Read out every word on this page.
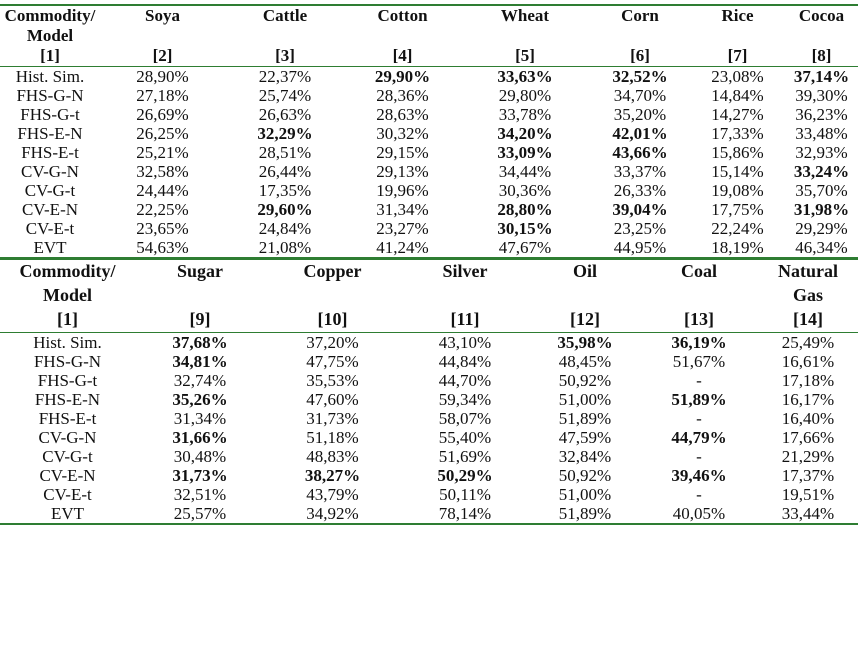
Commodity/	Soya	Cattle	Cotton	Wheat	Corn	Rice	Cocoa
Model							
[1]	[2]	[3]	[4]	[5]	[6]	[7]	[8]
Hist. Sim.	28,90%	22,37%	29,90%	33,63%	32,52%	23,08%	37,14%
FHS-G-N	27,18%	25,74%	28,36%	29,80%	34,70%	14,84%	39,30%
FHS-G-t	26,69%	26,63%	28,63%	33,78%	35,20%	14,27%	36,23%
FHS-E-N	26,25%	32,29%	30,32%	34,20%	42,01%	17,33%	33,48%
FHS-E-t	25,21%	28,51%	29,15%	33,09%	43,66%	15,86%	32,93%
CV-G-N	32,58%	26,44%	29,13%	34,44%	33,37%	15,14%	33,24%
CV-G-t	24,44%	17,35%	19,96%	30,36%	26,33%	19,08%	35,70%
CV-E-N	22,25%	29,60%	31,34%	28,80%	39,04%	17,75%	31,98%
CV-E-t	23,65%	24,84%	23,27%	30,15%	23,25%	22,24%	29,29%
EVT	54,63%	21,08%	41,24%	47,67%	44,95%	18,19%	46,34%
Commodity/	Sugar	Copper	Silver	Oil	Coal	Natural
Model						Gas
[1]	[9]	[10]	[11]	[12]	[13]	[14]
Hist. Sim.	37,68%	37,20%	43,10%	35,98%	36,19%	25,49%
FHS-G-N	34,81%	47,75%	44,84%	48,45%	51,67%	16,61%
FHS-G-t	32,74%	35,53%	44,70%	50,92%	-	17,18%
FHS-E-N	35,26%	47,60%	59,34%	51,00%	51,89%	16,17%
FHS-E-t	31,34%	31,73%	58,07%	51,89%	-	16,40%
CV-G-N	31,66%	51,18%	55,40%	47,59%	44,79%	17,66%
CV-G-t	30,48%	48,83%	51,69%	32,84%	-	21,29%
CV-E-N	31,73%	38,27%	50,29%	50,92%	39,46%	17,37%
CV-E-t	32,51%	43,79%	50,11%	51,00%	-	19,51%
EVT	25,57%	34,92%	78,14%	51,89%	40,05%	33,44%
